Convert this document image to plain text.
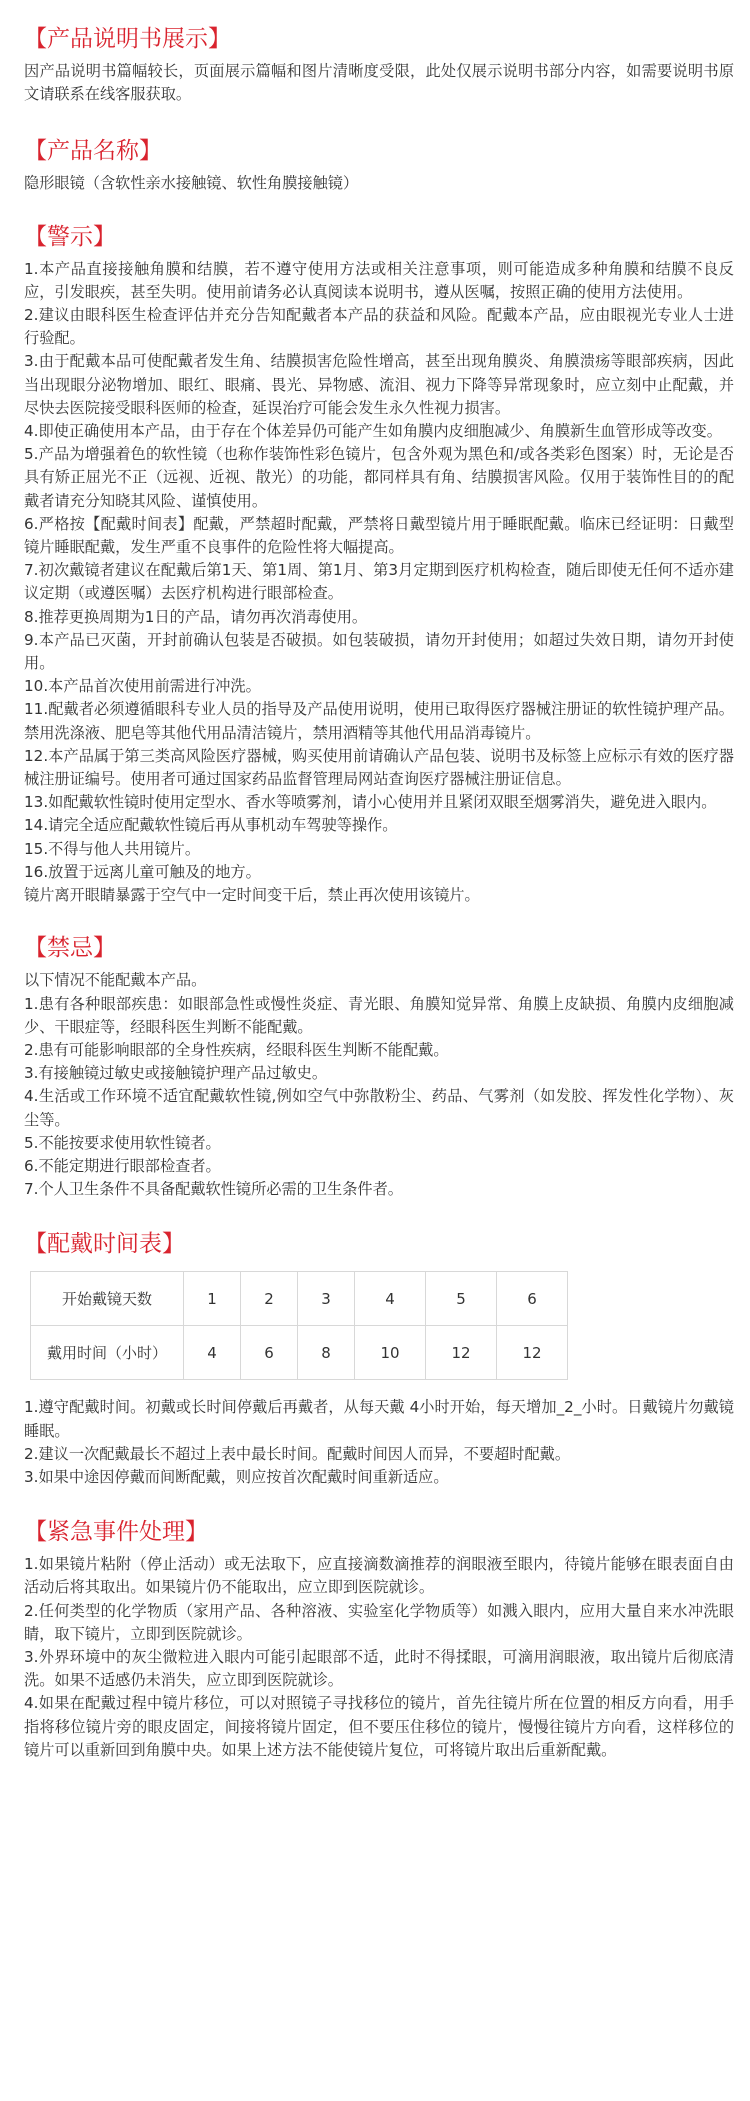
【产品说明书展示】

因产品说明书篇幅较长，页面展示篇幅和图片清晰度受限，此处仅展示说明书部分内容，如需要说明书原文请联系在线客服获取。

【产品名称】

隐形眼镜（含软性亲水接触镜、软性角膜接触镜）

【警示】

1.本产品直接接触角膜和结膜，若不遵守使用方法或相关注意事项，则可能造成多种角膜和结膜不良反应，引发眼疾，甚至失明。使用前请务必认真阅读本说明书，遵从医嘱，按照正确的使用方法使用。

2.建议由眼科医生检查评估并充分告知配戴者本产品的获益和风险。配戴本产品，应由眼视光专业人士进行验配。

3.由于配戴本品可使配戴者发生角、结膜损害危险性增高，甚至出现角膜炎、角膜溃疡等眼部疾病，因此当出现眼分泌物增加、眼红、眼痛、畏光、异物感、流泪、视力下降等异常现象时，应立刻中止配戴，并尽快去医院接受眼科医师的检查，延误治疗可能会发生永久性视力损害。

4.即使正确使用本产品，由于存在个体差异仍可能产生如角膜内皮细胞减少、角膜新生血管形成等改变。

5.产品为增强着色的软性镜（也称作装饰性彩色镜片，包含外观为黑色和/或各类彩色图案）时，无论是否具有矫正屈光不正（远视、近视、散光）的功能，都同样具有角、结膜损害风险。仅用于装饰性目的的配戴者请充分知晓其风险、谨慎使用。

6.严格按【配戴时间表】配戴，严禁超时配戴，严禁将日戴型镜片用于睡眠配戴。临床已经证明：日戴型镜片睡眠配戴，发生严重不良事件的危险性将大幅提高。

7.初次戴镜者建议在配戴后第1天、第1周、第1月、第3月定期到医疗机构检查，随后即使无任何不适亦建议定期（或遵医嘱）去医疗机构进行眼部检查。

8.推荐更换周期为1日的产品，请勿再次消毒使用。

9.本产品已灭菌，开封前确认包装是否破损。如包装破损，请勿开封使用；如超过失效日期，请勿开封使用。

10.本产品首次使用前需进行冲洗。

11.配戴者必须遵循眼科专业人员的指导及产品使用说明，使用已取得医疗器械注册证的软性镜护理产品。禁用洗涤液、肥皂等其他代用品清洁镜片，禁用酒精等其他代用品消毒镜片。

12.本产品属于第三类高风险医疗器械，购买使用前请确认产品包装、说明书及标签上应标示有效的医疗器械注册证编号。使用者可通过国家药品监督管理局网站查询医疗器械注册证信息。

13.如配戴软性镜时使用定型水、香水等喷雾剂，请小心使用并且紧闭双眼至烟雾消失，避免进入眼内。

14.请完全适应配戴软性镜后再从事机动车驾驶等操作。

15.不得与他人共用镜片。

16.放置于远离儿童可触及的地方。

镜片离开眼睛暴露于空气中一定时间变干后，禁止再次使用该镜片。

【禁忌】

以下情况不能配戴本产品。

1.患有各种眼部疾患：如眼部急性或慢性炎症、青光眼、角膜知觉异常、角膜上皮缺损、角膜内皮细胞减少、干眼症等，经眼科医生判断不能配戴。

2.患有可能影响眼部的全身性疾病，经眼科医生判断不能配戴。

3.有接触镜过敏史或接触镜护理产品过敏史。

4.生活或工作环境不适宜配戴软性镜,例如空气中弥散粉尘、药品、气雾剂（如发胶、挥发性化学物）、灰尘等。

5.不能按要求使用软性镜者。

6.不能定期进行眼部检查者。

7.个人卫生条件不具备配戴软性镜所必需的卫生条件者。

【配戴时间表】
开始戴镜天数	1	2	3	4	5	6
戴用时间（小时）	4	6	8	10	12	12

1.遵守配戴时间。初戴或长时间停戴后再戴者，从每天戴 4小时开始，每天增加_2_小时。日戴镜片勿戴镜睡眠。

2.建议一次配戴最长不超过上表中最长时间。配戴时间因人而异，不要超时配戴。

3.如果中途因停戴而间断配戴，则应按首次配戴时间重新适应。

【紧急事件处理】

1.如果镜片粘附（停止活动）或无法取下，应直接滴数滴推荐的润眼液至眼内，待镜片能够在眼表面自由活动后将其取出。如果镜片仍不能取出，应立即到医院就诊。

2.任何类型的化学物质（家用产品、各种溶液、实验室化学物质等）如溅入眼内，应用大量自来水冲洗眼睛，取下镜片，立即到医院就诊。

3.外界环境中的灰尘微粒进入眼内可能引起眼部不适，此时不得揉眼，可滴用润眼液，取出镜片后彻底清洗。如果不适感仍未消失，应立即到医院就诊。

4.如果在配戴过程中镜片移位，可以对照镜子寻找移位的镜片，首先往镜片所在位置的相反方向看，用手指将移位镜片旁的眼皮固定，间接将镜片固定，但不要压住移位的镜片，慢慢往镜片方向看，这样移位的镜片可以重新回到角膜中央。如果上述方法不能使镜片复位，可将镜片取出后重新配戴。
